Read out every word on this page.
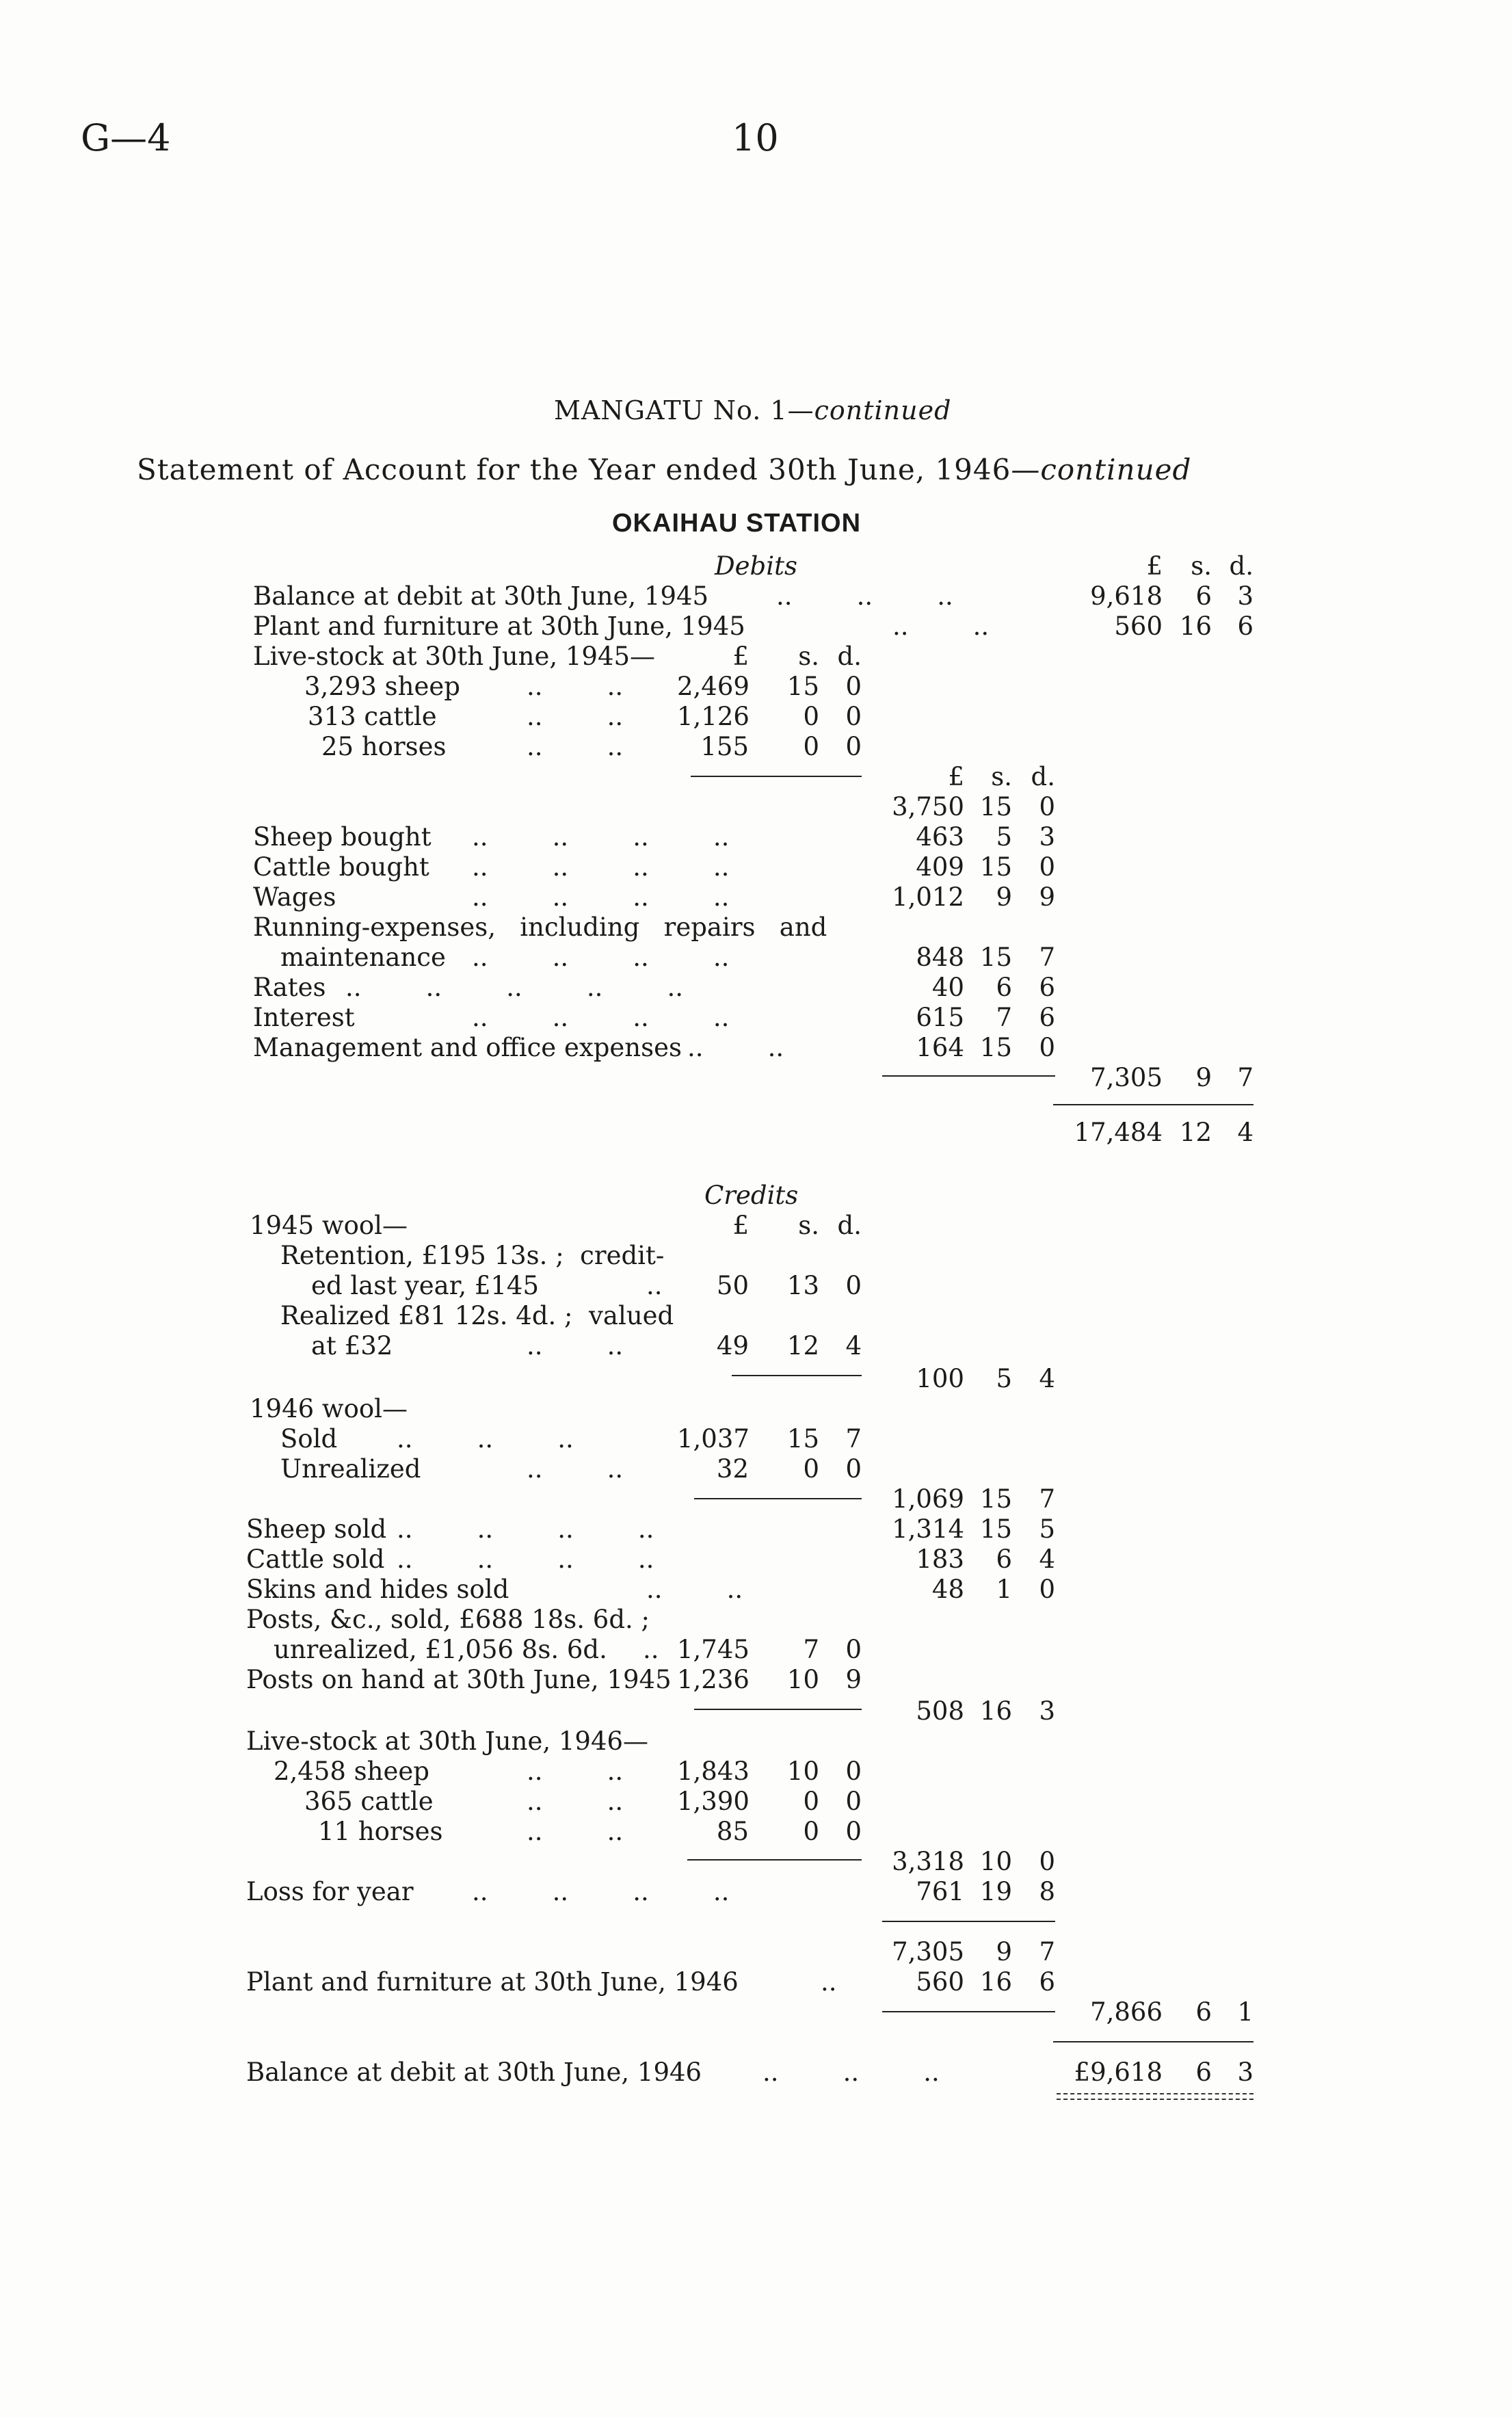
G—4	10
MANGATU No. 1—continued
Statement of Account for the Year ended 30th June, 1946—continued
OKAIHAU STATION
Debits	£	s. d.
Balance at debit at 30th June, 1945	..        ..        ..	9,618	6	3
Plant and furniture at 30th June, 1945	..        ..	560 16	6
Live-stock at 30th June, 1945—	£	s. d.
3,293 sheep	..        .. 2,469	15	0
313 cattle	..        .. 1,126	0	0
25 horses	..        ..	155	0	0
£	s. d.
3,750 15	0
Sheep bought ..        ..        ..        ..	463	5	3
Cattle bought ..        ..        ..        ..	409 15	0
Wages	..        ..        ..        ..	1,012	9	9
Running-expenses,   including   repairs   and
maintenance ..        ..        ..        ..	848 15	7
Rates ..        ..        ..        ..        ..	40	6	6
Interest	..        ..        ..        ..	615	7	6
Management and office expenses ..        ..	164 15	0
7,305	9	7
17,484 12	4
Credits
1945 wool—	£	s. d.
Retention, £195 13s. ;  credit-
ed last year, £145	..	50	13	0
Realized £81 12s. 4d. ;  valued
at £32	..        ..	49	12	4
100	5	4
1946 wool—
Sold ..        ..        ..	1,037	15	7
Unrealized	..        ..	32	0	0
1,069 15	7
Sheep sold ..        ..        ..        ..	1,314 15	5
Cattle sold ..        ..        ..        ..	183	6	4
Skins and hides sold	..        ..	48	1	0
Posts, &c., sold, £688 18s. 6d. ;
unrealized, £1,056 8s. 6d. .. 1,745	7	0
Posts on hand at 30th June, 1945 1,236	10	9
508 16	3
Live-stock at 30th June, 1946—
2,458 sheep	..        .. 1,843	10	0
365 cattle	..        .. 1,390	0	0
11 horses	..        ..	85	0	0
3,318 10	0
Loss for year ..        ..        ..        ..	761 19	8
7,305	9	7
Plant and furniture at 30th June, 1946	..	560 16	6
7,866	6	1
Balance at debit at 30th June, 1946 ..        ..        ..	£9,618	6	3
